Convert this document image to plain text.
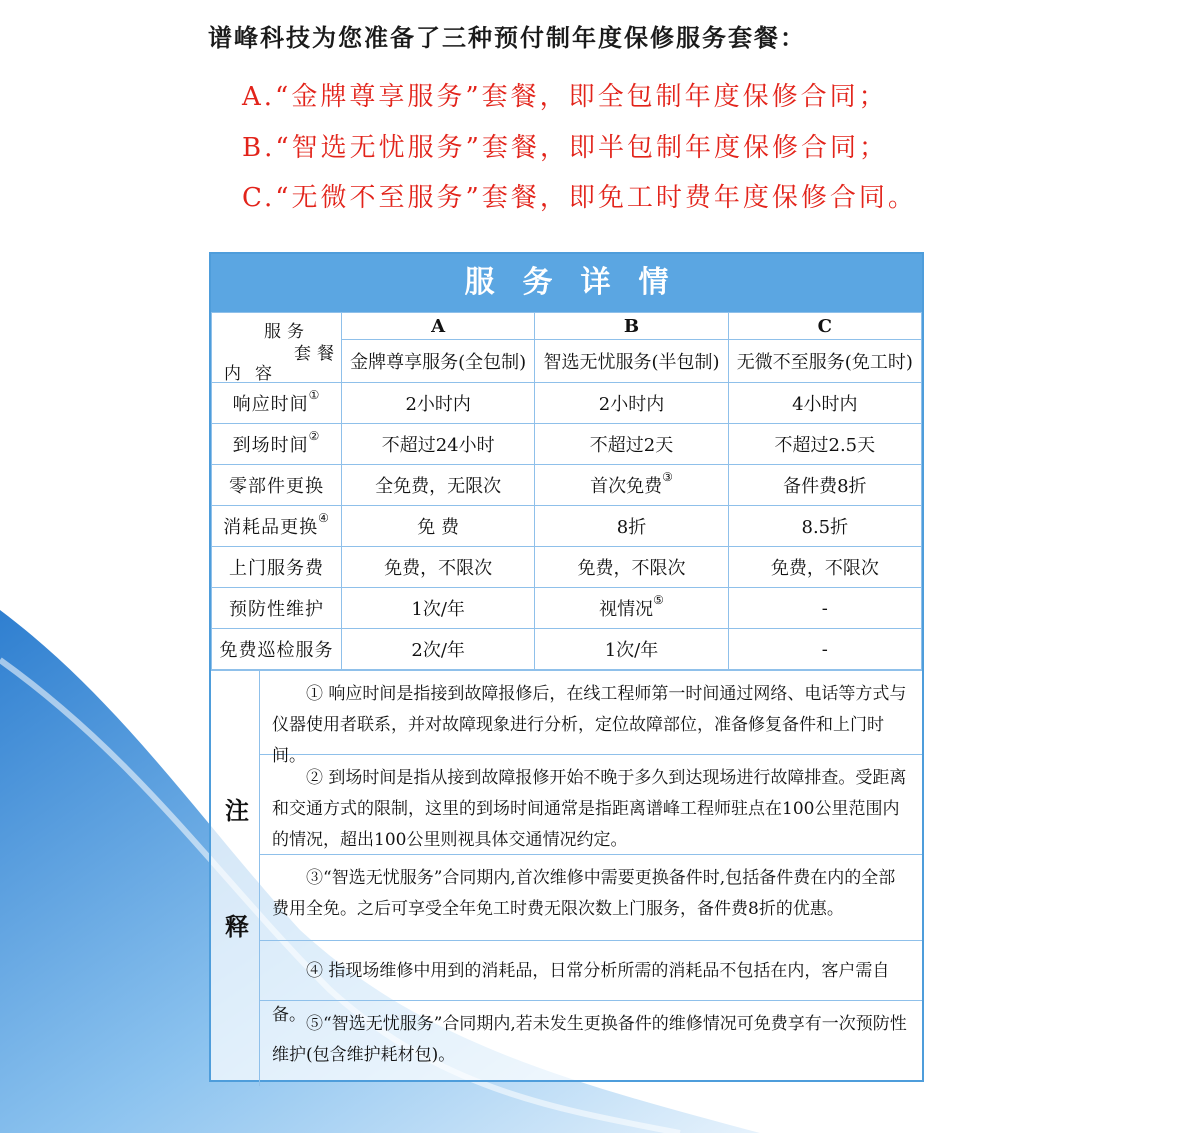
谱峰科技为您准备了三种预付制年度保修服务套餐：
A.“金牌尊享服务”套餐，即全包制年度保修合同；
B.“智选无忧服务”套餐，即半包制年度保修合同；
C.“无微不至服务”套餐，即免工时费年度保修合同。
服务详情
服务
套餐
内容	A	B	C
	金牌尊享服务(全包制)	智选无忧服务(半包制)	无微不至服务(免工时)
响应时间①	2小时内	2小时内	4小时内
到场时间②	不超过24小时	不超过2天	不超过2.5天
零部件更换	全免费，无限次	首次免费③	备件费8折
消耗品更换④	免 费	8折	8.5折
上门服务费	免费，不限次	免费，不限次	免费，不限次
预防性维护	1次/年	视情况⑤	-
免费巡检服务	2次/年	1次/年	-
注
释
① 响应时间是指接到故障报修后，在线工程师第一时间通过网络、电话等方式与仪器使用者联系，并对故障现象进行分析，定位故障部位，准备修复备件和上门时间。
② 到场时间是指从接到故障报修开始不晚于多久到达现场进行故障排查。受距离和交通方式的限制，这里的到场时间通常是指距离谱峰工程师驻点在100公里范围内的情况，超出100公里则视具体交通情况约定。
③“智选无忧服务”合同期内,首次维修中需要更换备件时,包括备件费在内的全部费用全免。之后可享受全年免工时费无限次数上门服务，备件费8折的优惠。
④ 指现场维修中用到的消耗品，日常分析所需的消耗品不包括在内，客户需自备。 ⑤“智选无忧服务”合同期内,若未发生更换备件的维修情况可免费享有一次预防性维护(包含维护耗材包)。
